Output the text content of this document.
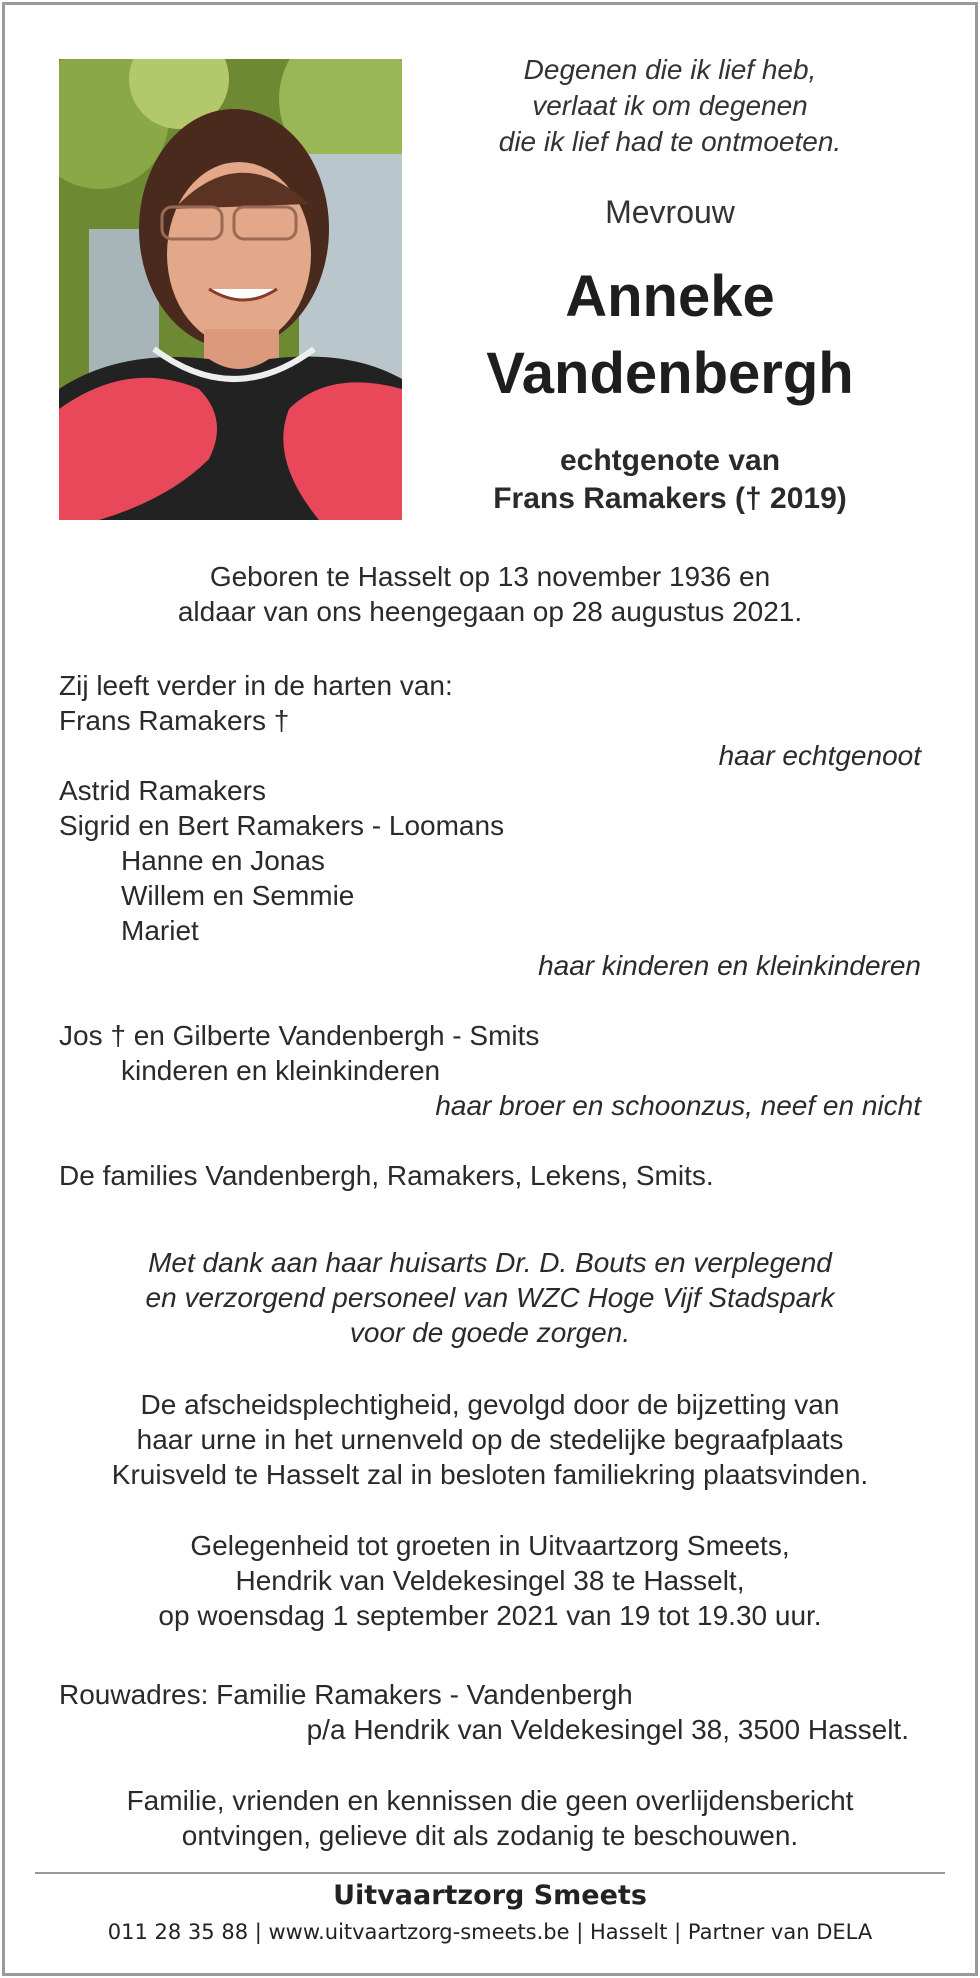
Degenen die ik lief heb,
verlaat ik om degenen
die ik lief had te ontmoeten.
Mevrouw
Anneke
Vandenbergh
echtgenote van
Frans Ramakers († 2019)
Geboren te Hasselt op 13 november 1936 en
aldaar van ons heengegaan op 28 augustus 2021.
Zij leeft verder in de harten van:
Frans Ramakers †
haar echtgenoot
Astrid Ramakers
Sigrid en Bert Ramakers - Loomans
Hanne en Jonas
Willem en Semmie
Mariet
haar kinderen en kleinkinderen
Jos † en Gilberte Vandenbergh - Smits
kinderen en kleinkinderen
haar broer en schoonzus, neef en nicht
De families Vandenbergh, Ramakers, Lekens, Smits.
Met dank aan haar huisarts Dr. D. Bouts en verplegend
en verzorgend personeel van WZC Hoge Vijf Stadspark
voor de goede zorgen.
De afscheidsplechtigheid, gevolgd door de bijzetting van
haar urne in het urnenveld op de stedelijke begraafplaats
Kruisveld te Hasselt zal in besloten familiekring plaatsvinden.
Gelegenheid tot groeten in Uitvaartzorg Smeets,
Hendrik van Veldekesingel 38 te Hasselt,
op woensdag 1 september 2021 van 19 tot 19.30 uur.
Rouwadres: Familie Ramakers - Vandenbergh
p/a Hendrik van Veldekesingel 38, 3500 Hasselt.
Familie, vrienden en kennissen die geen overlijdensbericht
ontvingen, gelieve dit als zodanig te beschouwen.
Uitvaartzorg Smeets
011 28 35 88 | www.uitvaartzorg-smeets.be | Hasselt | Partner van DELA
